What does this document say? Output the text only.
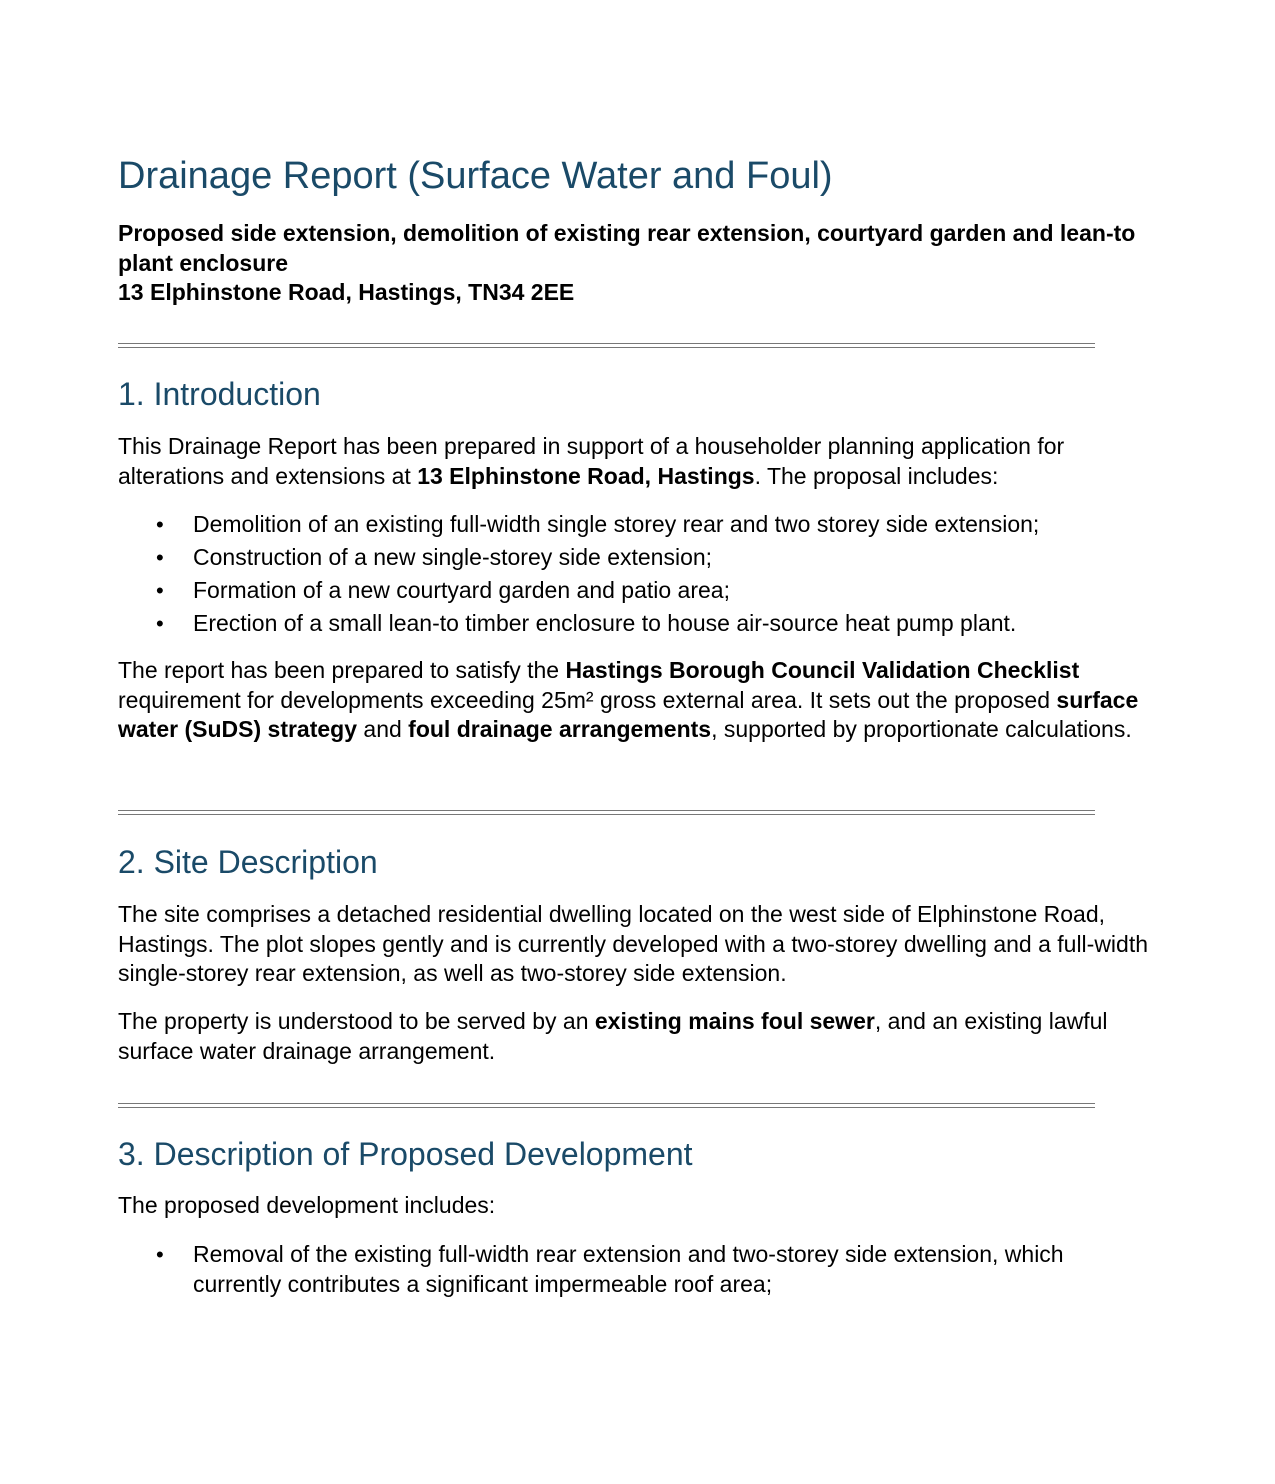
Drainage Report (Surface Water and Foul)

Proposed side extension, demolition of existing rear extension, courtyard garden and lean-to plant enclosure
13 Elphinstone Road, Hastings, TN34 2EE

1. Introduction

This Drainage Report has been prepared in support of a householder planning application for alterations and extensions at 13 Elphinstone Road, Hastings. The proposal includes:

• Demolition of an existing full-width single storey rear and two storey side extension;
• Construction of a new single-storey side extension;
• Formation of a new courtyard garden and patio area;
• Erection of a small lean-to timber enclosure to house air-source heat pump plant.

The report has been prepared to satisfy the Hastings Borough Council Validation Checklist requirement for developments exceeding 25m² gross external area. It sets out the proposed surface water (SuDS) strategy and foul drainage arrangements, supported by proportionate calculations.

2. Site Description

The site comprises a detached residential dwelling located on the west side of Elphinstone Road, Hastings. The plot slopes gently and is currently developed with a two-storey dwelling and a full-width single-storey rear extension, as well as two-storey side extension.

The property is understood to be served by an existing mains foul sewer, and an existing lawful surface water drainage arrangement.

3. Description of Proposed Development

The proposed development includes:

• Removal of the existing full-width rear extension and two-storey side extension, which currently contributes a significant impermeable roof area;
